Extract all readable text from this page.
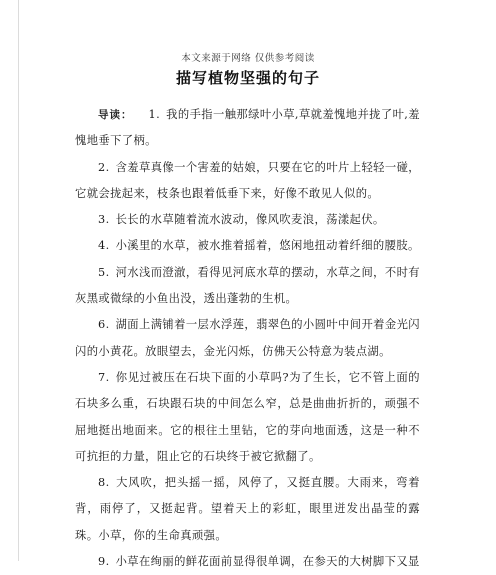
本文来源于网络 仅供参考阅读
描写植物坚强的句子

导读： 1. 我的手指一触那绿叶小草,草就羞愧地并拢了叶,羞愧地垂下了柄。

2. 含羞草真像一个害羞的姑娘，只要在它的叶片上轻轻一碰，它就会拢起来，枝条也跟着低垂下来，好像不敢见人似的。

3. 长长的水草随着流水波动，像风吹麦浪，荡漾起伏。

4. 小溪里的水草，被水推着摇着，悠闲地扭动着纤细的腰肢。

5. 河水浅而澄澈，看得见河底水草的摆动，水草之间，不时有灰黑或微绿的小鱼出没，透出蓬勃的生机。

6. 湖面上满铺着一层水浮莲，翡翠色的小圆叶中间开着金光闪闪的小黄花。放眼望去，金光闪烁，仿佛天公特意为装点湖。

7. 你见过被压在石块下面的小草吗?为了生长，它不管上面的石块多么重，石块跟石块的中间怎么窄，总是曲曲折折的，顽强不屈地挺出地面来。它的根往土里钻，它的芽向地面透，这是一种不可抗拒的力量，阻止它的石块终于被它掀翻了。

8. 大风吹，把头摇一摇，风停了，又挺直腰。大雨来，弯着背，雨停了，又挺起背。望着天上的彩虹，眼里迸发出晶莹的露珠。小草，你的生命真顽强。

9. 小草在绚丽的鲜花面前显得很单调，在参天的大树脚下又显
